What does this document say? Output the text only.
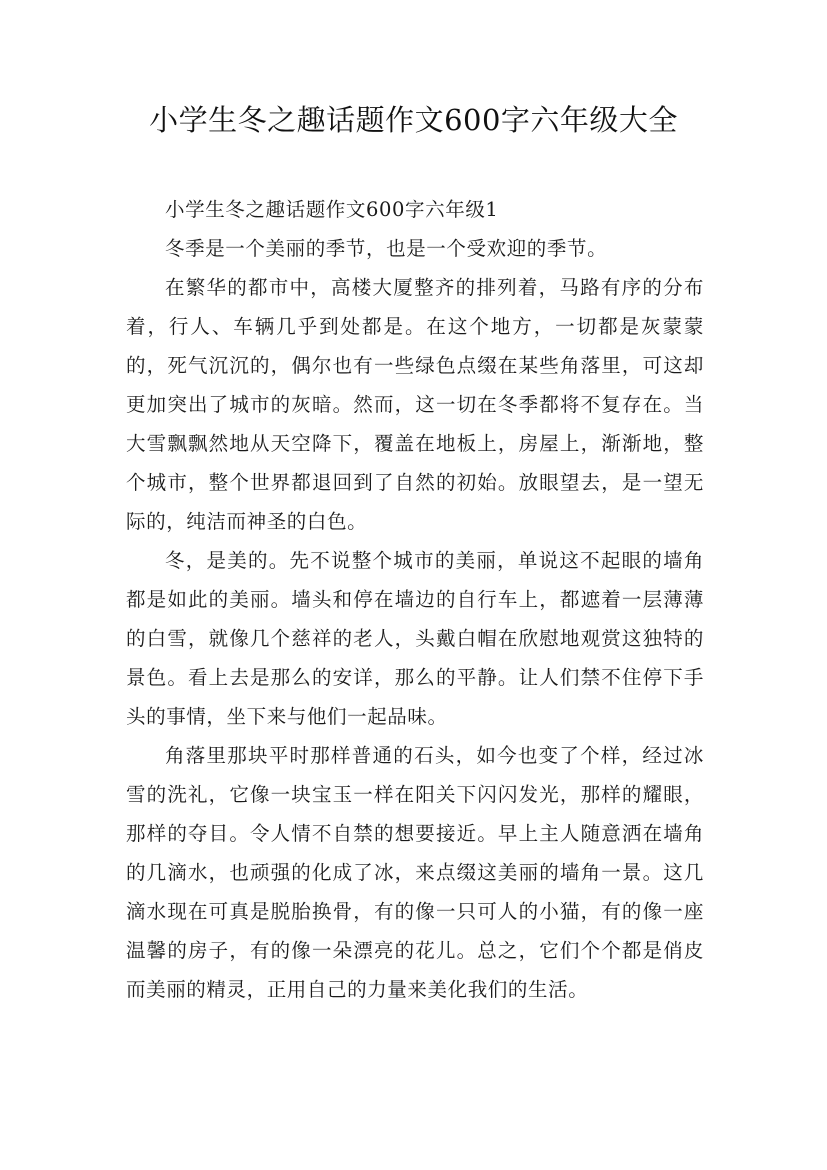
小学生冬之趣话题作文600字六年级大全

小学生冬之趣话题作文600字六年级1

冬季是一个美丽的季节，也是一个受欢迎的季节。

在繁华的都市中，高楼大厦整齐的排列着，马路有序的分布着，行人、车辆几乎到处都是。在这个地方，一切都是灰蒙蒙的，死气沉沉的，偶尔也有一些绿色点缀在某些角落里，可这却更加突出了城市的灰暗。然而，这一切在冬季都将不复存在。当大雪飘飘然地从天空降下，覆盖在地板上，房屋上，渐渐地，整个城市，整个世界都退回到了自然的初始。放眼望去，是一望无际的，纯洁而神圣的白色。

冬，是美的。先不说整个城市的美丽，单说这不起眼的墙角都是如此的美丽。墙头和停在墙边的自行车上，都遮着一层薄薄的白雪，就像几个慈祥的老人，头戴白帽在欣慰地观赏这独特的景色。看上去是那么的安详，那么的平静。让人们禁不住停下手头的事情，坐下来与他们一起品味。

角落里那块平时那样普通的石头，如今也变了个样，经过冰雪的洗礼，它像一块宝玉一样在阳关下闪闪发光，那样的耀眼，那样的夺目。令人情不自禁的想要接近。早上主人随意洒在墙角的几滴水，也顽强的化成了冰，来点缀这美丽的墙角一景。这几滴水现在可真是脱胎换骨，有的像一只可人的小猫，有的像一座温馨的房子，有的像一朵漂亮的花儿。总之，它们个个都是俏皮而美丽的精灵，正用自己的力量来美化我们的生活。
